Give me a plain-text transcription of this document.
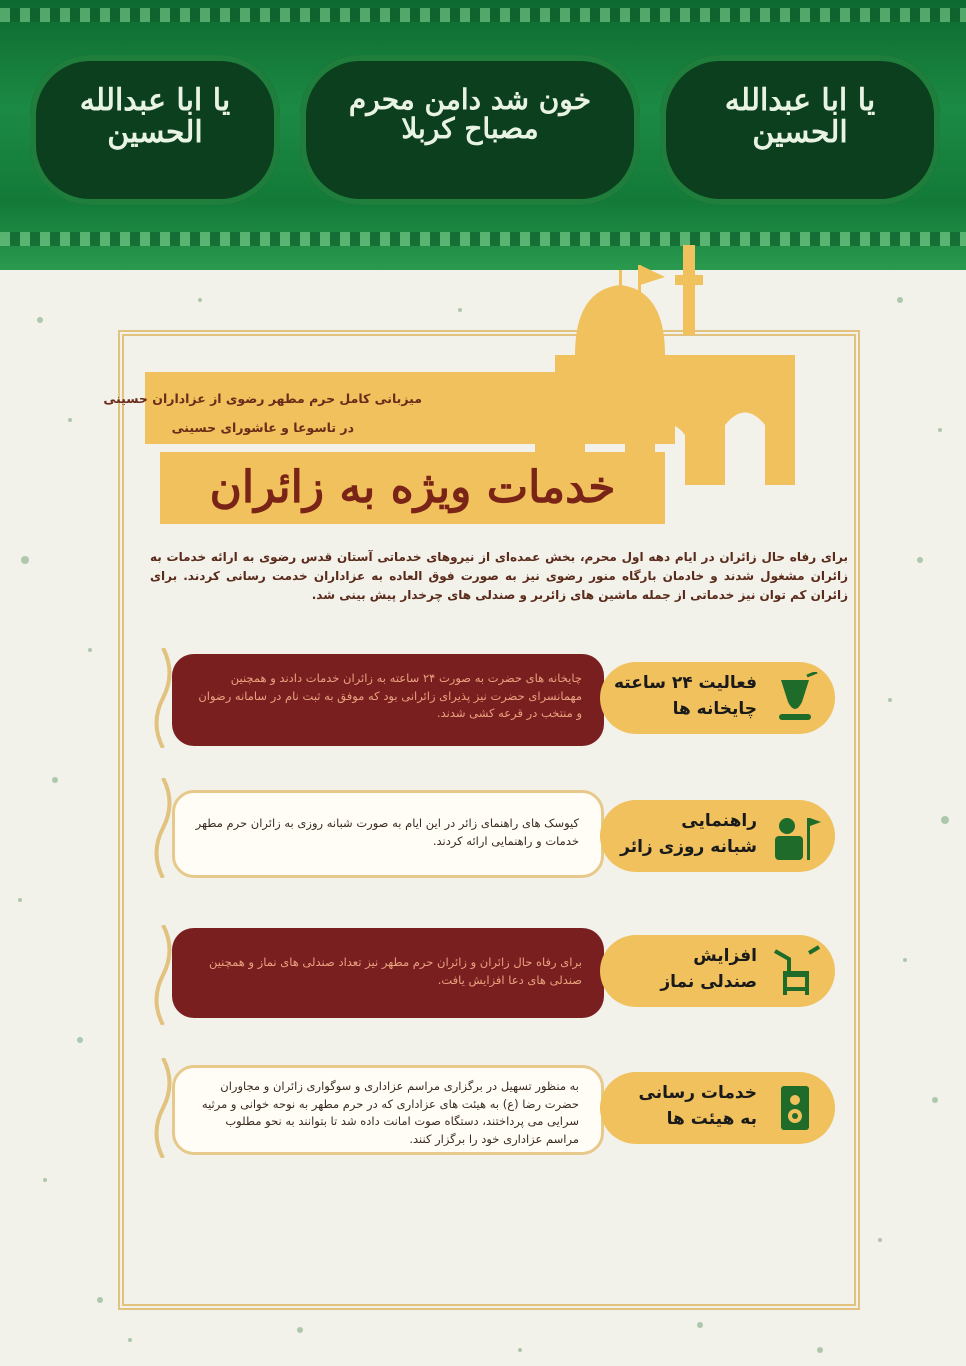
یا ابا عبدالله الحسین
خون شد دامن محرم مصباح کربلا
یا ابا عبدالله الحسین
میزبانی کامل حرم مطهر رضوی از عزاداران حسینی
در تاسوعا و عاشورای حسینی
خدمات ویژه به زائران
برای رفاه حال زائران در ایام دهه اول محرم، بخش عمده‌ای از نیروهای خدماتی آستان قدس رضوی به ارائه خدمات به زائران مشغول شدند و خادمان بارگاه منور رضوی نیز به صورت فوق العاده به عزاداران خدمت رسانی کردند. برای زائران کم توان نیز خدماتی از جمله ماشین های زائربر و صندلی های چرخدار پیش بینی شد.
چایخانه های حضرت به صورت ۲۴ ساعته به زائران خدمات دادند و همچنین مهمانسرای حضرت نیز پذیرای زائرانی بود که موفق به ثبت نام در سامانه رضوان و منتخب در قرعه کشی شدند.
فعالیت ۲۴ ساعته
چایخانه ها
کیوسک های راهنمای زائر در این ایام به صورت شبانه روزی به زائران حرم مطهر خدمات و راهنمایی ارائه کردند.
راهنمایی
شبانه روزی زائر
برای رفاه حال زائران و زائران حرم مطهر نیز تعداد صندلی های نماز و همچنین صندلی های دعا افزایش یافت.
افزایش
صندلی نماز
به منظور تسهیل در برگزاری مراسم عزاداری و سوگواری زائران و مجاوران حضرت رضا (ع) به هیئت های عزاداری که در حرم مطهر به نوحه خوانی و مرثیه سرایی می پرداختند، دستگاه صوت امانت داده شد تا بتوانند به نحو مطلوب مراسم عزاداری خود را برگزار کنند.
خدمات رسانی
به هیئت ها
